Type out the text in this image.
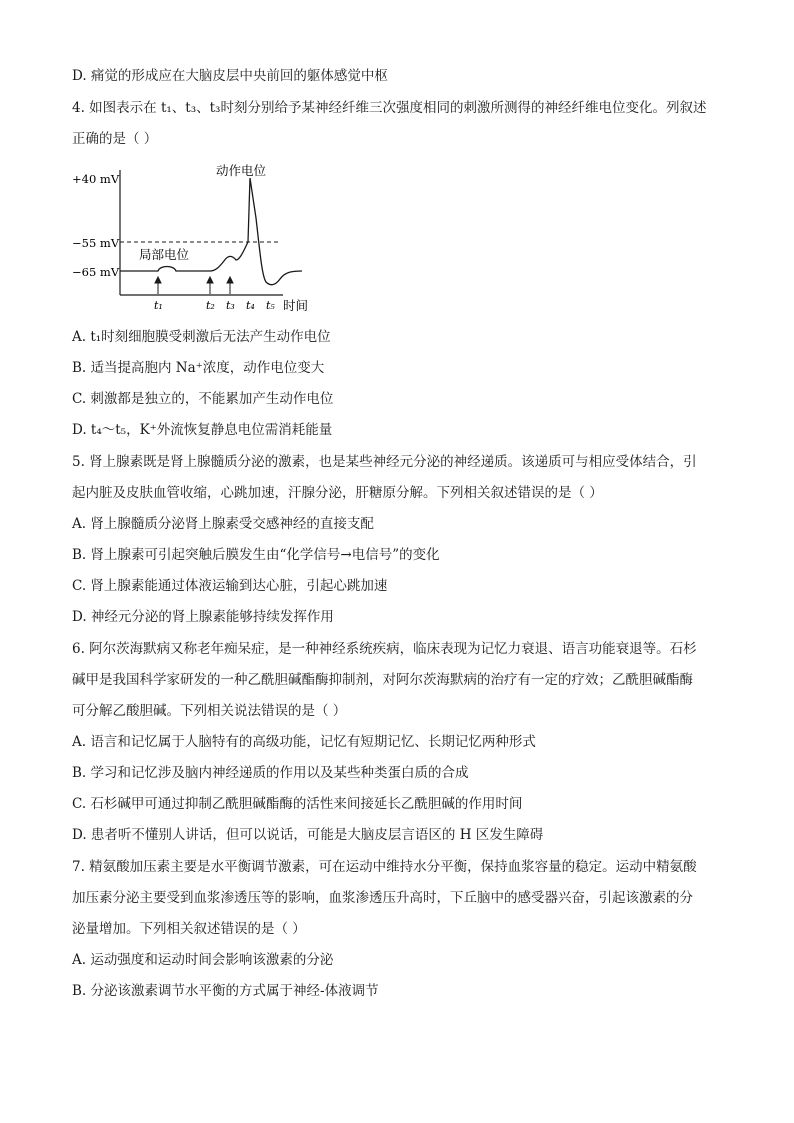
D. 痛觉的形成应在大脑皮层中央前回的躯体感觉中枢
4. 如图表示在 t₁、t₃、t₃时刻分别给予某神经纤维三次强度相同的刺激所测得的神经纤维电位变化。列叙述
正确的是（ ）
+40 mV
−55 mV
−65 mV
动作电位
局部电位
t₁	t₂ t₃ t₄ t₅ 时间
A. t₁时刻细胞膜受刺激后无法产生动作电位
B. 适当提高胞内 Na⁺浓度，动作电位变大
C. 刺激都是独立的，不能累加产生动作电位
D. t₄～t₅，K⁺外流恢复静息电位需消耗能量
5. 肾上腺素既是肾上腺髓质分泌的激素，也是某些神经元分泌的神经递质。该递质可与相应受体结合，引
起内脏及皮肤血管收缩，心跳加速，汗腺分泌，肝糖原分解。下列相关叙述错误的是（ ）
A. 肾上腺髓质分泌肾上腺素受交感神经的直接支配
B. 肾上腺素可引起突触后膜发生由“化学信号→电信号”的变化
C. 肾上腺素能通过体液运输到达心脏，引起心跳加速
D. 神经元分泌的肾上腺素能够持续发挥作用
6. 阿尔茨海默病又称老年痴呆症，是一种神经系统疾病，临床表现为记忆力衰退、语言功能衰退等。石杉
碱甲是我国科学家研发的一种乙酰胆碱酯酶抑制剂，对阿尔茨海默病的治疗有一定的疗效；乙酰胆碱酯酶
可分解乙酸胆碱。下列相关说法错误的是（ ）
A. 语言和记忆属于人脑特有的高级功能，记忆有短期记忆、长期记忆两种形式
B. 学习和记忆涉及脑内神经递质的作用以及某些种类蛋白质的合成
C. 石杉碱甲可通过抑制乙酰胆碱酯酶的活性来间接延长乙酰胆碱的作用时间
D. 患者听不懂别人讲话，但可以说话，可能是大脑皮层言语区的 H 区发生障碍
7. 精氨酸加压素主要是水平衡调节激素，可在运动中维持水分平衡，保持血浆容量的稳定。运动中精氨酸
加压素分泌主要受到血浆渗透压等的影响，血浆渗透压升高时，下丘脑中的感受器兴奋，引起该激素的分
泌量增加。下列相关叙述错误的是（ ）
A. 运动强度和运动时间会影响该激素的分泌
B. 分泌该激素调节水平衡的方式属于神经-体液调节
